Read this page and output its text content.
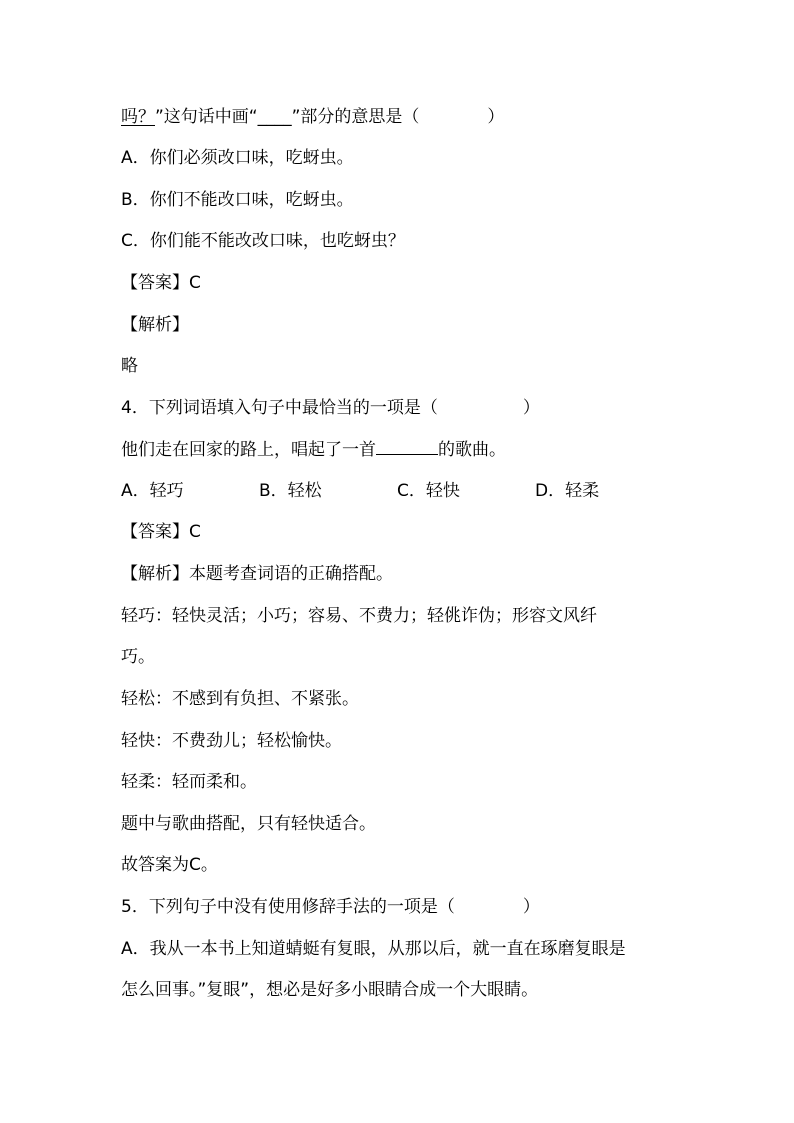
吗？”这句话中画“____”部分的意思是（　　　　）
A．你们必须改口味，吃蚜虫。
B．你们不能改口味，吃蚜虫。
C．你们能不能改改口味，也吃蚜虫？
【答案】C
【解析】
略
4．下列词语填入句子中最恰当的一项是（　　　　　）
他们走在回家的路上，唱起了一首	的歌曲。
A．轻巧	B．轻松	C．轻快	D．轻柔
【答案】C
【解析】本题考查词语的正确搭配。
轻巧：轻快灵活；小巧；容易、不费力；轻佻诈伪；形容文风纤
巧。
轻松：不感到有负担、不紧张。
轻快：不费劲儿；轻松愉快。
轻柔：轻而柔和。
题中与歌曲搭配，只有轻快适合。
故答案为C。
5．下列句子中没有使用修辞手法的一项是（　　　　）
A．我从一本书上知道蜻蜓有复眼，从那以后，就一直在琢磨复眼是
怎么回事。”复眼”，想必是好多小眼睛合成一个大眼睛。
